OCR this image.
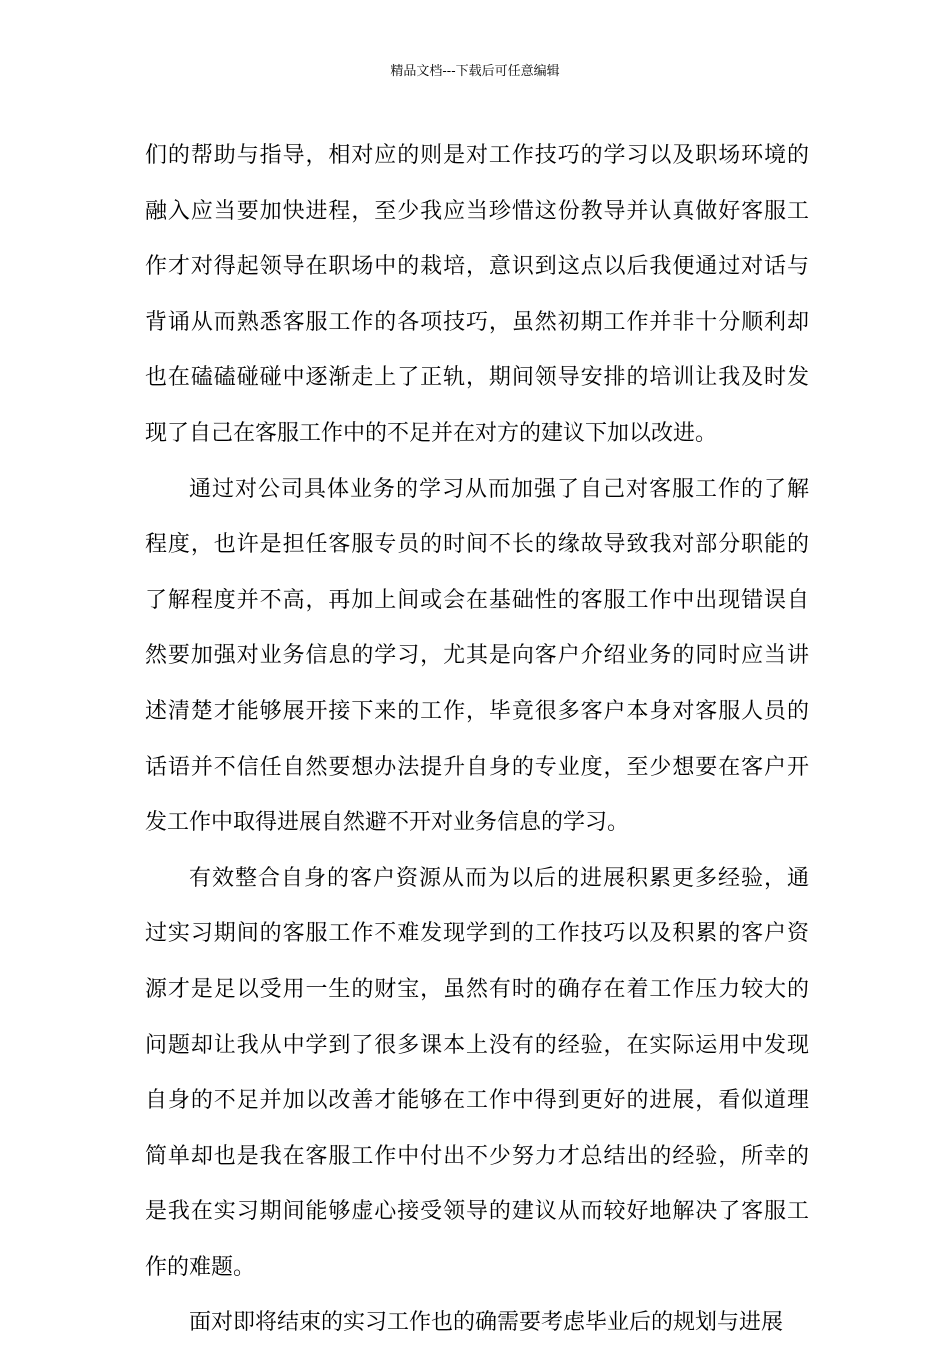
精品文档---下载后可任意编辑
们的帮助与指导，相对应的则是对工作技巧的学习以及职场环境的
融入应当要加快进程，至少我应当珍惜这份教导并认真做好客服工
作才对得起领导在职场中的栽培，意识到这点以后我便通过对话与
背诵从而熟悉客服工作的各项技巧，虽然初期工作并非十分顺利却
也在磕磕碰碰中逐渐走上了正轨，期间领导安排的培训让我及时发
现了自己在客服工作中的不足并在对方的建议下加以改进。
通过对公司具体业务的学习从而加强了自己对客服工作的了解
程度，也许是担任客服专员的时间不长的缘故导致我对部分职能的
了解程度并不高，再加上间或会在基础性的客服工作中出现错误自
然要加强对业务信息的学习，尤其是向客户介绍业务的同时应当讲
述清楚才能够展开接下来的工作，毕竟很多客户本身对客服人员的
话语并不信任自然要想办法提升自身的专业度，至少想要在客户开
发工作中取得进展自然避不开对业务信息的学习。
有效整合自身的客户资源从而为以后的进展积累更多经验，通
过实习期间的客服工作不难发现学到的工作技巧以及积累的客户资
源才是足以受用一生的财宝，虽然有时的确存在着工作压力较大的
问题却让我从中学到了很多课本上没有的经验，在实际运用中发现
自身的不足并加以改善才能够在工作中得到更好的进展，看似道理
简单却也是我在客服工作中付出不少努力才总结出的经验，所幸的
是我在实习期间能够虚心接受领导的建议从而较好地解决了客服工
作的难题。
面对即将结束的实习工作也的确需要考虑毕业后的规划与进展
